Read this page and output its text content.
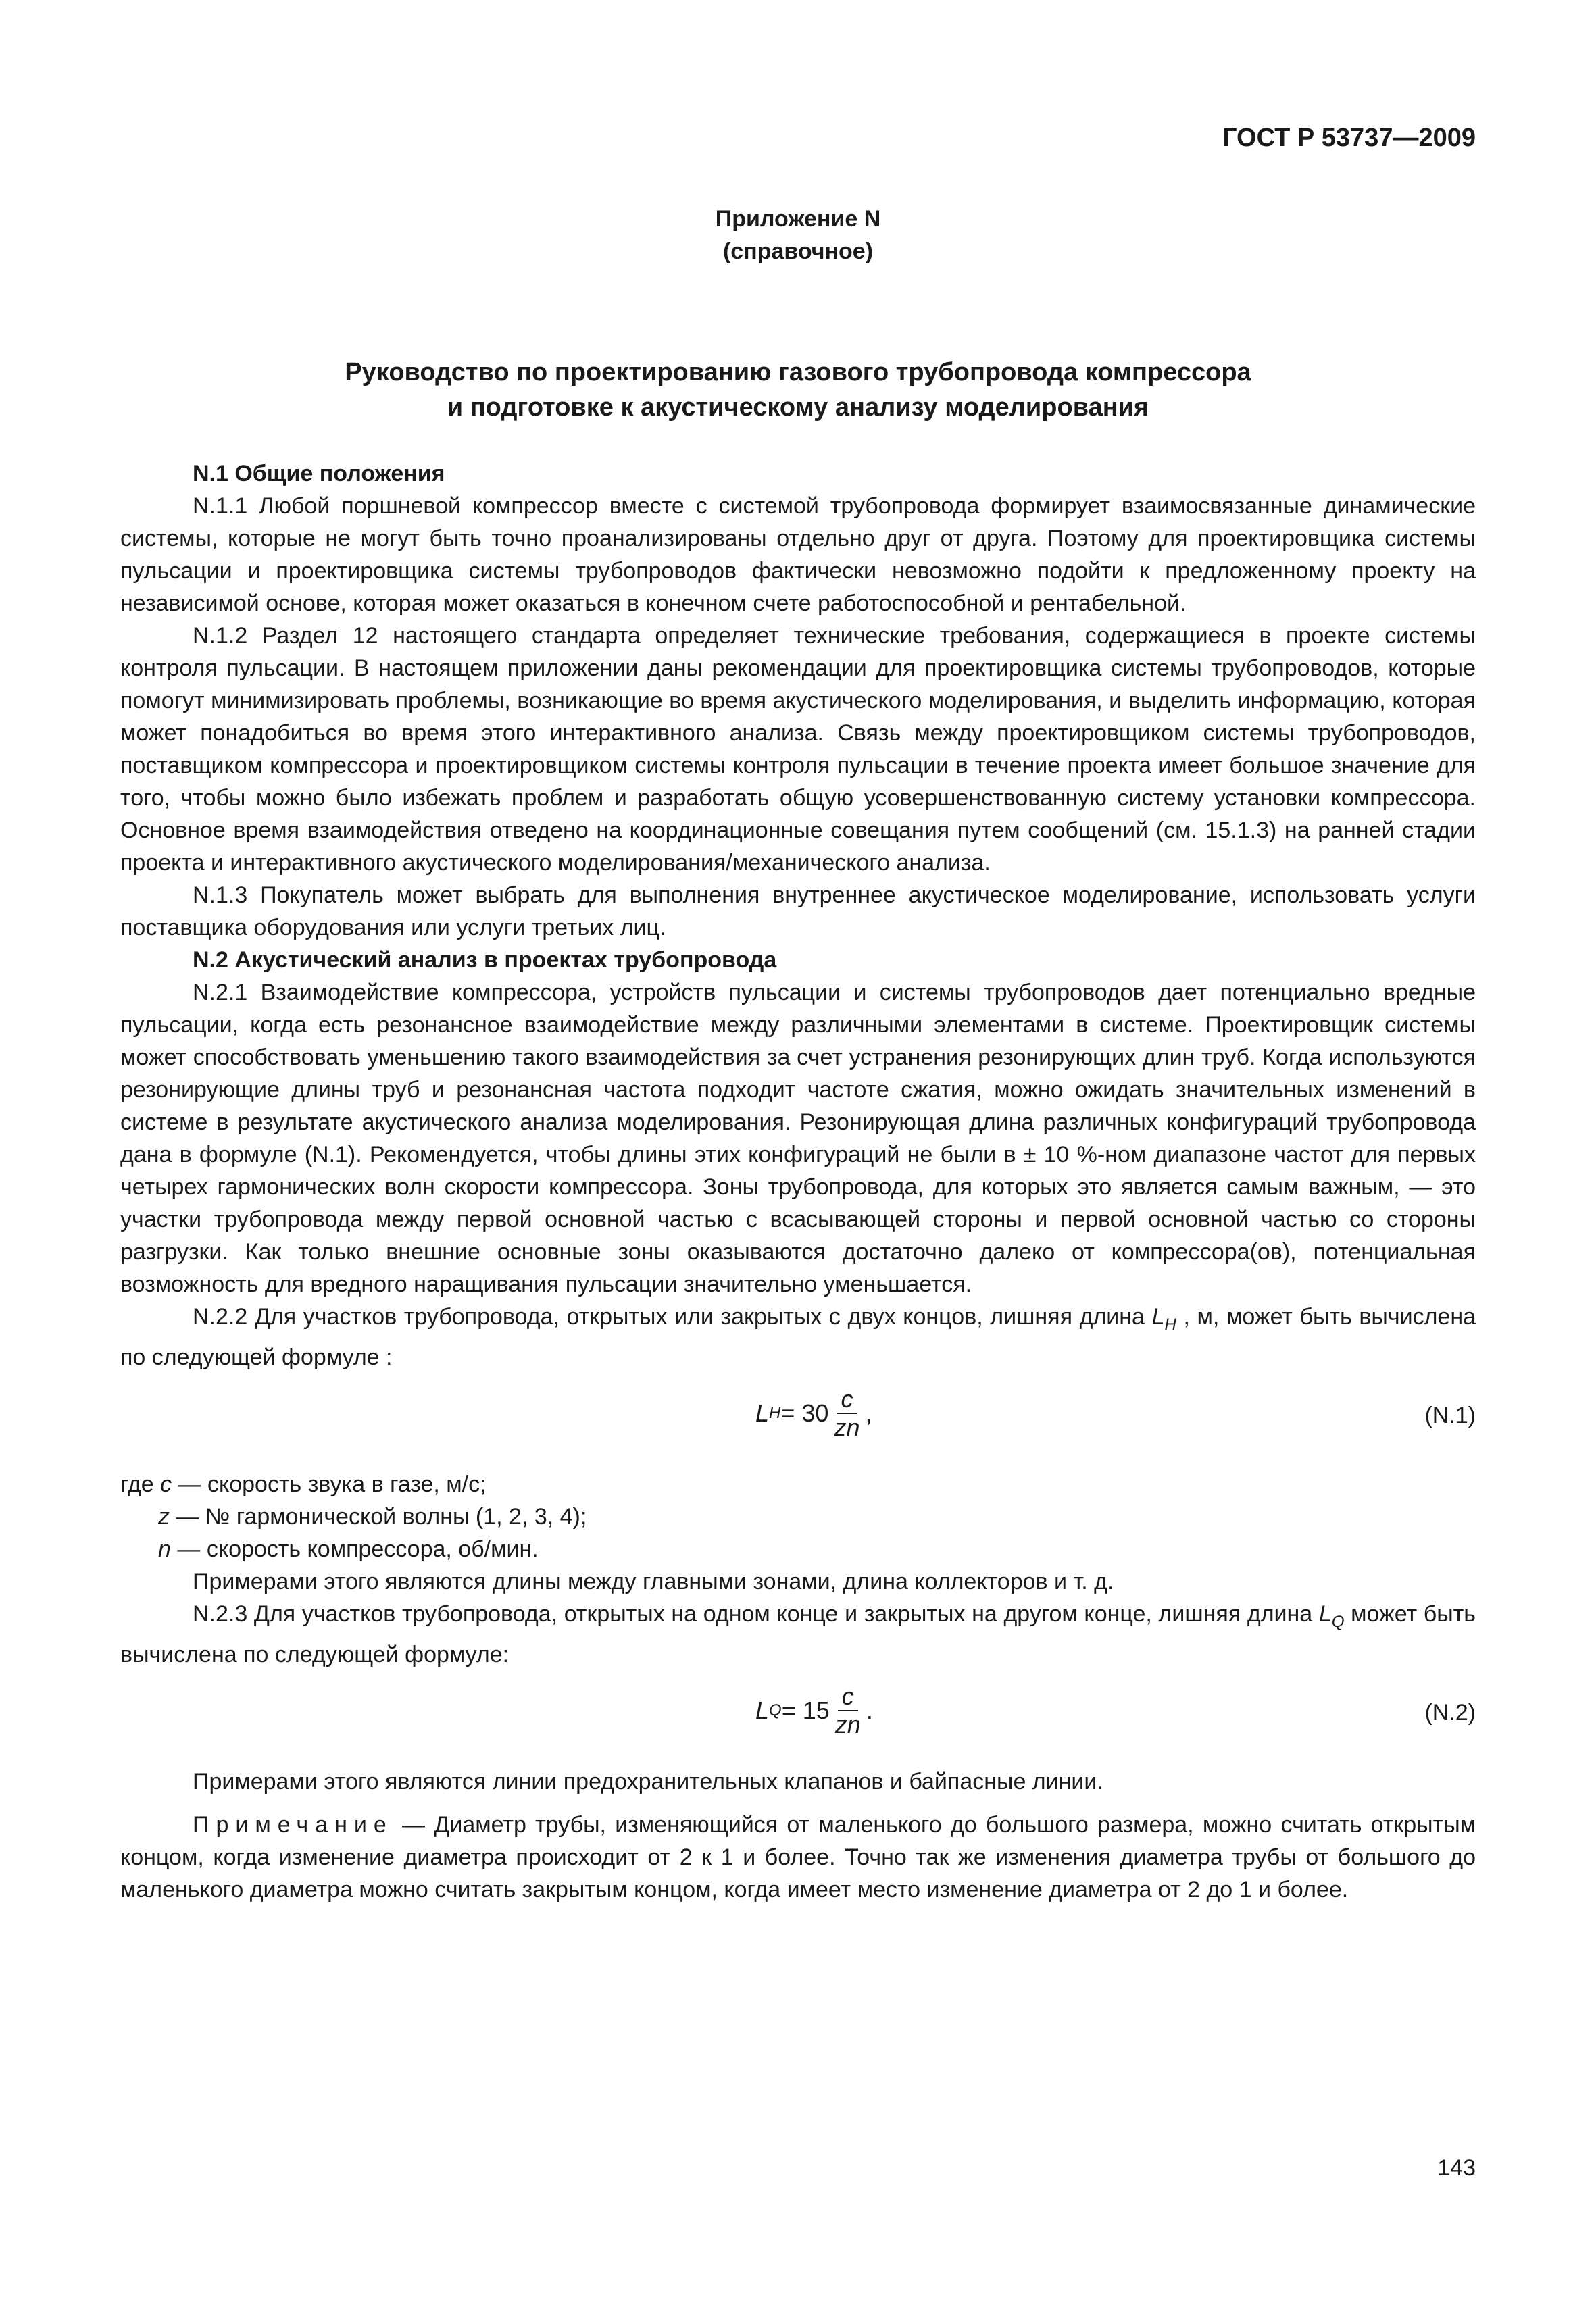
ГОСТ Р 53737—2009
Приложение N
(справочное)
Руководство по проектированию газового трубопровода компрессора
и подготовке к акустическому анализу моделирования

N.1 Общие положения

N.1.1 Любой поршневой компрессор вместе с системой трубопровода формирует взаимосвязанные динамические системы, которые не могут быть точно проанализированы отдельно друг от друга. Поэтому для проектировщика системы пульсации и проектировщика системы трубопроводов фактически невозможно подойти к предложенному проекту на независимой основе, которая может оказаться в конечном счете работоспособной и рентабельной.

N.1.2 Раздел 12 настоящего стандарта определяет технические требования, содержащиеся в проекте системы контроля пульсации. В настоящем приложении даны рекомендации для проектировщика системы трубопроводов, которые помогут минимизировать проблемы, возникающие во время акустического моделирования, и выделить информацию, которая может понадобиться во время этого интерактивного анализа. Связь между проектировщиком системы трубопроводов, поставщиком компрессора и проектировщиком системы контроля пульсации в течение проекта имеет большое значение для того, чтобы можно было избежать проблем и разработать общую усовершенствованную систему установки компрессора. Основное время взаимодействия отведено на координационные совещания путем сообщений (см. 15.1.3) на ранней стадии проекта и интерактивного акустического моделирования/механического анализа.

N.1.3 Покупатель может выбрать для выполнения внутреннее акустическое моделирование, использовать услуги поставщика оборудования или услуги третьих лиц.

N.2 Акустический анализ в проектах трубопровода

N.2.1 Взаимодействие компрессора, устройств пульсации и системы трубопроводов дает потенциально вредные пульсации, когда есть резонансное взаимодействие между различными элементами в системе. Проектировщик системы может способствовать уменьшению такого взаимодействия за счет устранения резонирующих длин труб. Когда используются резонирующие длины труб и резонансная частота подходит частоте сжатия, можно ожидать значительных изменений в системе в результате акустического анализа моделирования. Резонирующая длина различных конфигураций трубопровода дана в формуле (N.1). Рекомендуется, чтобы длины этих конфигураций не были в ± 10 %-ном диапазоне частот для первых четырех гармонических волн скорости компрессора. Зоны трубопровода, для которых это является самым важным, — это участки трубопровода между первой основной частью с всасывающей стороны и первой основной частью со стороны разгрузки. Как только внешние основные зоны оказываются достаточно далеко от компрессора(ов), потенциальная возможность для вредного наращивания пульсации значительно уменьшается.

N.2.2 Для участков трубопровода, открытых или закрытых с двух концов, лишняя длина $L_H$ , м, может быть вычислена по следующей формуле :

L $H = 30 \frac{c}{zn}$ ,	(N.1)

где c — скорость звука в газе, м/с;

z — № гармонической волны (1, 2, 3, 4);

n — скорость компрессора, об/мин.

Примерами этого являются длины между главными зонами, длина коллекторов и т. д.

N.2.3 Для участков трубопровода, открытых на одном конце и закрытых на другом конце, лишняя длина $L_Q$ может быть вычислена по следующей формуле:

L $Q = 15 \frac{c}{zn}$ .	(N.2)

Примерами этого являются линии предохранительных клапанов и байпасные линии.

Примечание — Диаметр трубы, изменяющийся от маленького до большого размера, можно считать открытым концом, когда изменение диаметра происходит от 2 к 1 и более. Точно так же изменения диаметра трубы от большого до маленького диаметра можно считать закрытым концом, когда имеет место изменение диаметра от 2 до 1 и более.

143
